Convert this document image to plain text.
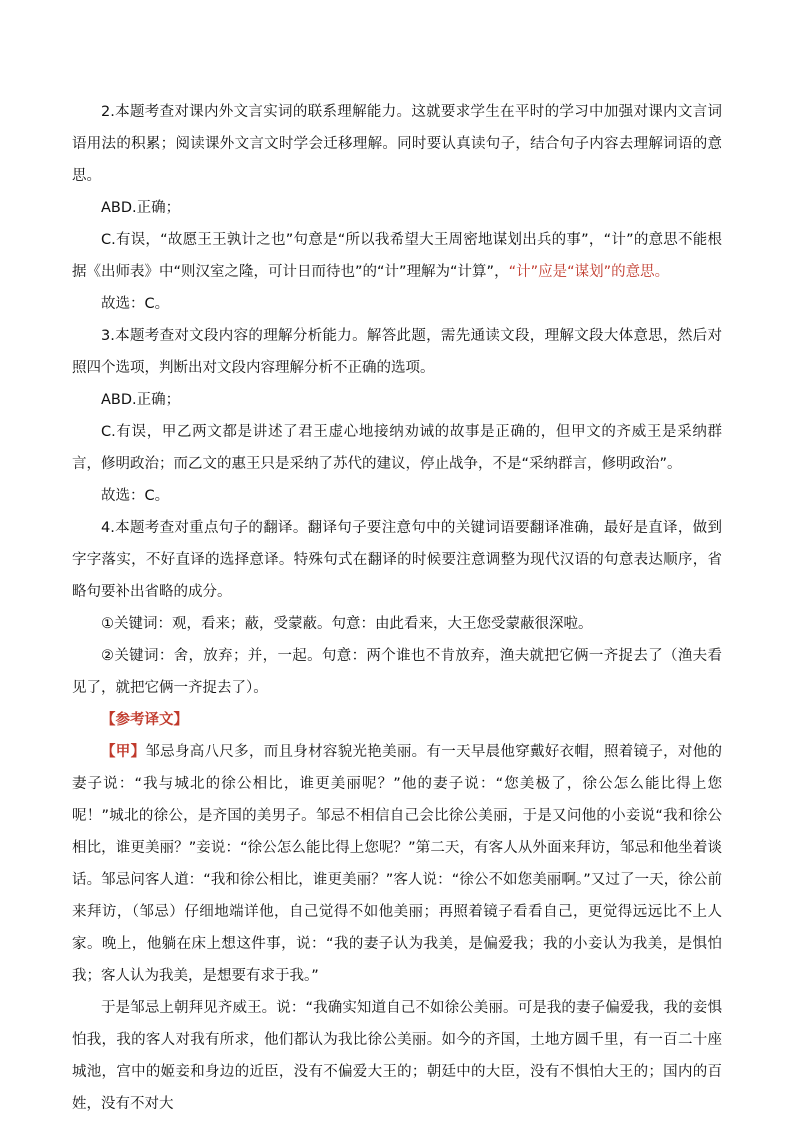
2.本题考查对课内外文言实词的联系理解能力。这就要求学生在平时的学习中加强对课内文言词语用法的积累；阅读课外文言文时学会迁移理解。同时要认真读句子，结合句子内容去理解词语的意思。

ABD.正确；

C.有误，“故愿王王孰计之也”句意是“所以我希望大王周密地谋划出兵的事”，“计”的意思不能根据《出师表》中“则汉室之隆，可计日而待也”的“计”理解为“计算”，“计”应是“谋划”的意思。

故选：C。

3.本题考查对文段内容的理解分析能力。解答此题，需先通读文段，理解文段大体意思，然后对照四个选项，判断出对文段内容理解分析不正确的选项。

ABD.正确；

C.有误，甲乙两文都是讲述了君王虚心地接纳劝诫的故事是正确的，但甲文的齐威王是采纳群言，修明政治；而乙文的惠王只是采纳了苏代的建议，停止战争，不是“采纳群言，修明政治”。

故选：C。

4.本题考查对重点句子的翻译。翻译句子要注意句中的关键词语要翻译准确，最好是直译，做到字字落实，不好直译的选择意译。特殊句式在翻译的时候要注意调整为现代汉语的句意表达顺序，省略句要补出省略的成分。

①关键词：观，看来；蔽，受蒙蔽。句意：由此看来，大王您受蒙蔽很深啦。

②关键词：舍，放弃；并，一起。句意：两个谁也不肯放弃，渔夫就把它俩一齐捉去了（渔夫看见了，就把它俩一齐捉去了）。

【参考译文】

【甲】邹忌身高八尺多，而且身材容貌光艳美丽。有一天早晨他穿戴好衣帽，照着镜子，对他的妻子说：“我与城北的徐公相比，谁更美丽呢？”他的妻子说：“您美极了，徐公怎么能比得上您呢！”城北的徐公，是齐国的美男子。邹忌不相信自己会比徐公美丽，于是又问他的小妾说“我和徐公相比，谁更美丽？”妾说：“徐公怎么能比得上您呢？”第二天，有客人从外面来拜访，邹忌和他坐着谈话。邹忌问客人道：“我和徐公相比，谁更美丽？”客人说：“徐公不如您美丽啊。”又过了一天，徐公前来拜访，（邹忌）仔细地端详他，自己觉得不如他美丽；再照着镜子看看自己，更觉得远远比不上人家。晚上，他躺在床上想这件事，说：“我的妻子认为我美，是偏爱我；我的小妾认为我美，是惧怕我；客人认为我美，是想要有求于我。”

于是邹忌上朝拜见齐威王。说：“我确实知道自己不如徐公美丽。可是我的妻子偏爱我，我的妾惧怕我，我的客人对我有所求，他们都认为我比徐公美丽。如今的齐国，土地方圆千里，有一百二十座城池，宫中的姬妾和身边的近臣，没有不偏爱大王的；朝廷中的大臣，没有不惧怕大王的；国内的百姓，没有不对大
